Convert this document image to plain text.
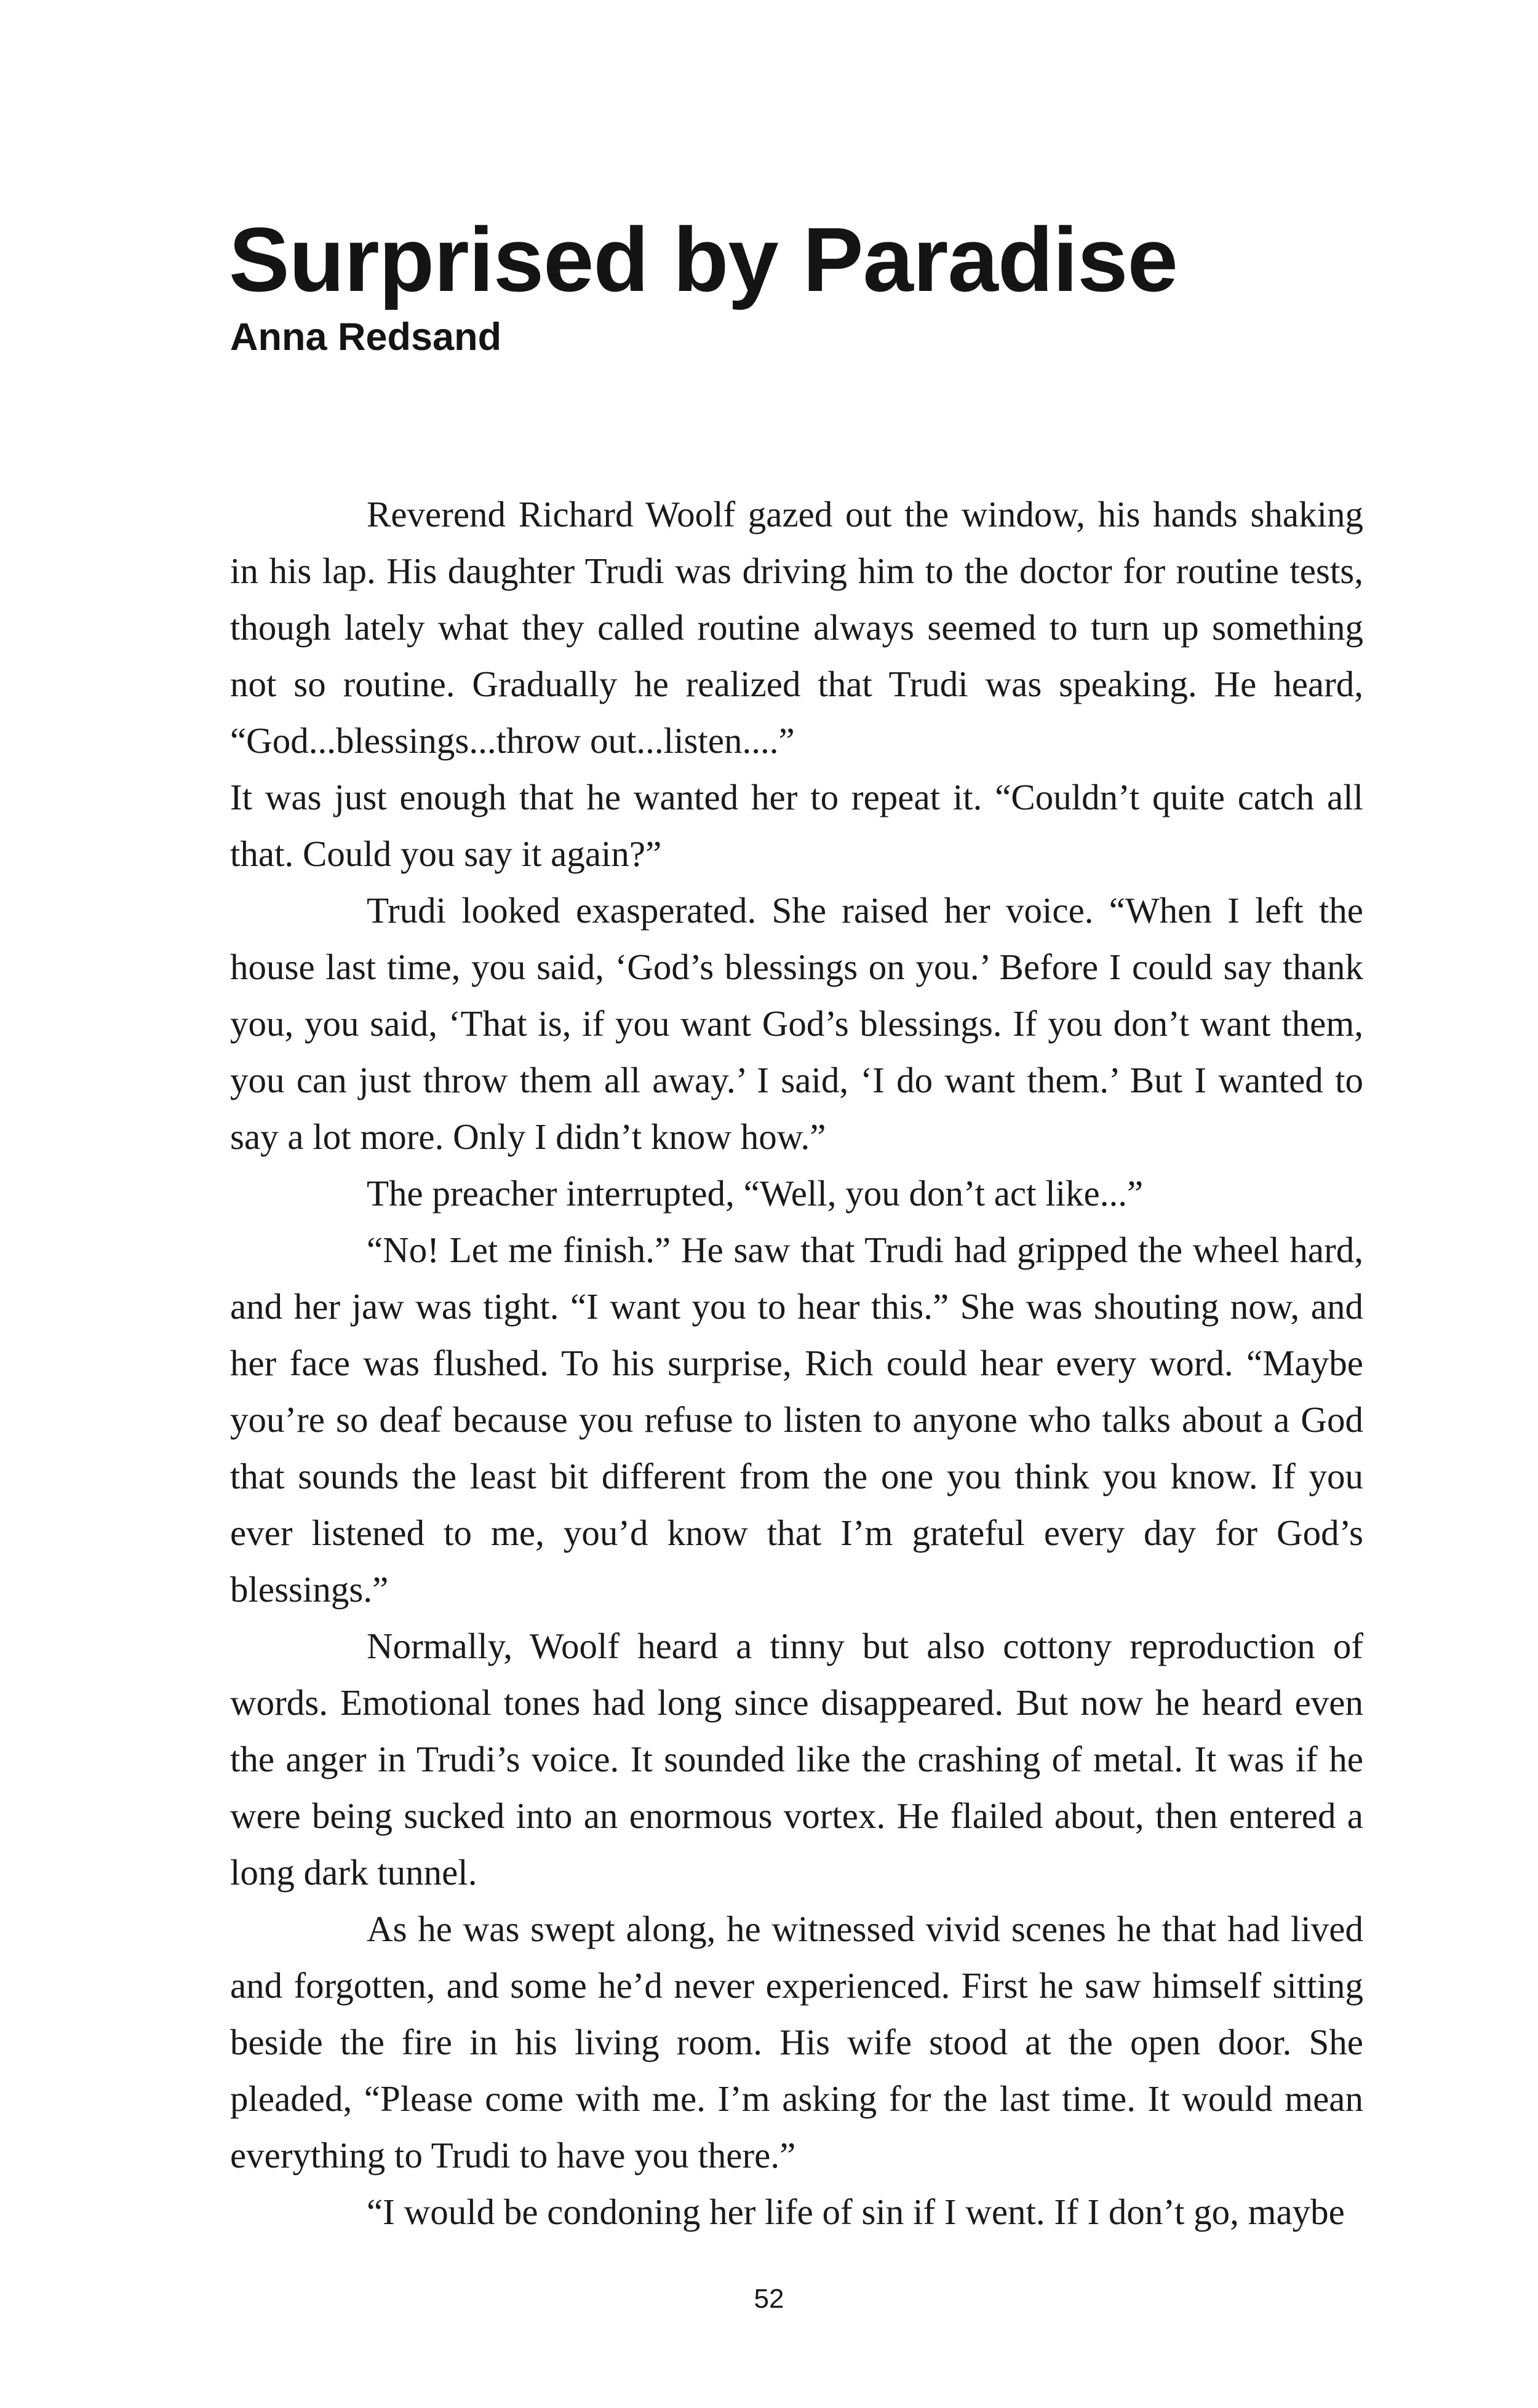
Surprised by Paradise
Anna Redsand

Reverend Richard Woolf gazed out the window, his hands shaking in his lap. His daughter Trudi was driving him to the doctor for routine tests, though lately what they called routine always seemed to turn up something not so routine. Gradually he realized that Trudi was speaking. He heard, “God...blessings...throw out...listen....”

It was just enough that he wanted her to repeat it. “Couldn’t quite catch all that. Could you say it again?”

Trudi looked exasperated. She raised her voice. “When I left the house last time, you said, ‘God’s blessings on you.’ Before I could say thank you, you said, ‘That is, if you want God’s blessings. If you don’t want them, you can just throw them all away.’ I said, ‘I do want them.’ But I wanted to say a lot more. Only I didn’t know how.”

The preacher interrupted, “Well, you don’t act like...”

“No! Let me finish.” He saw that Trudi had gripped the wheel hard, and her jaw was tight. “I want you to hear this.” She was shouting now, and her face was flushed. To his surprise, Rich could hear every word. “Maybe you’re so deaf because you refuse to listen to anyone who talks about a God that sounds the least bit different from the one you think you know. If you ever listened to me, you’d know that I’m grateful every day for God’s blessings.”

Normally, Woolf heard a tinny but also cottony reproduction of words. Emotional tones had long since disappeared. But now he heard even the anger in Trudi’s voice. It sounded like the crashing of metal. It was if he were being sucked into an enormous vortex. He flailed about, then entered a long dark tunnel.

As he was swept along, he witnessed vivid scenes he that had lived and forgotten, and some he’d never experienced. First he saw himself sitting beside the fire in his living room. His wife stood at the open door. She pleaded, “Please come with me. I’m asking for the last time. It would mean everything to Trudi to have you there.”

“I would be condoning her life of sin if I went. If I don’t go, maybe

52
